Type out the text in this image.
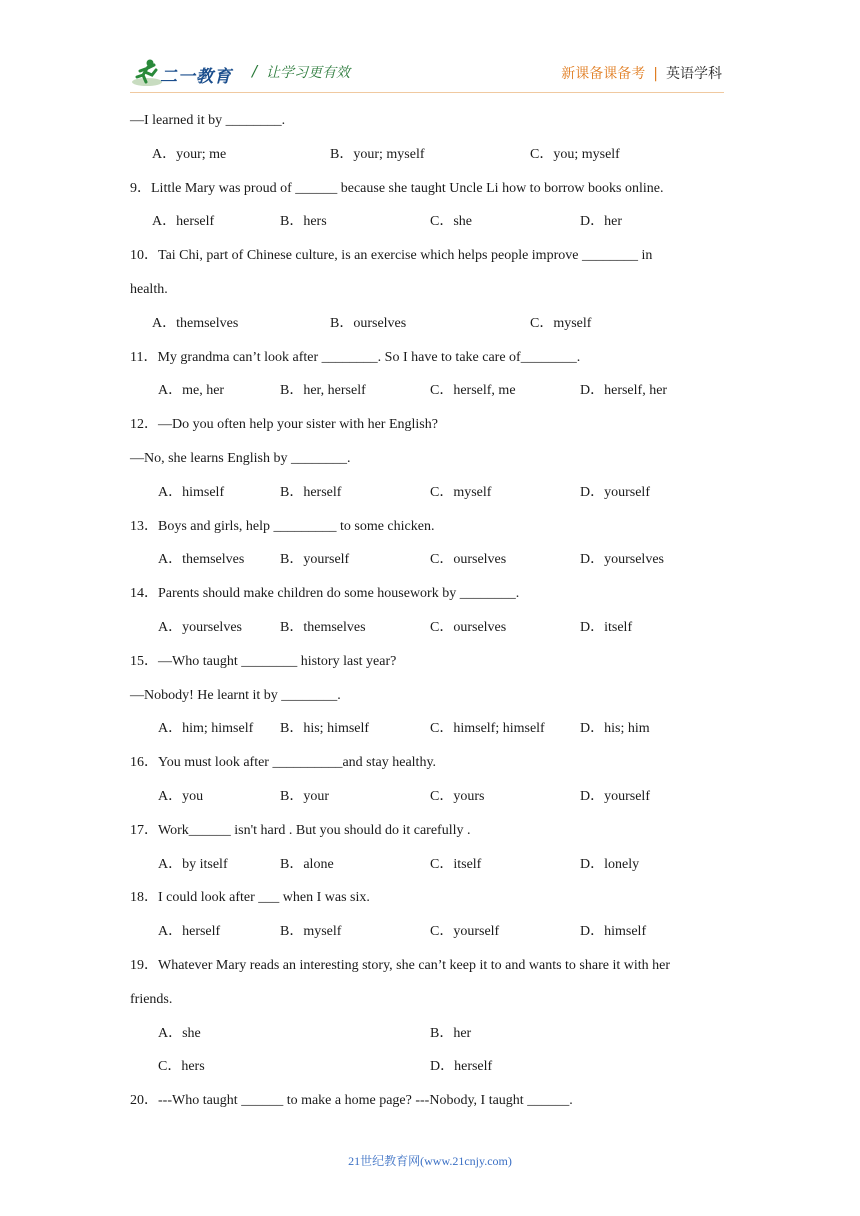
二一教育 / 让学习更有效	新课备课备考 | 英语学科
—I learned it by ________.
A．your; me	B．your; myself	C．you; myself
9．Little Mary was proud of ______ because she taught Uncle Li how to borrow books online.
A．herself	B．hers	C．she	D．her
10．Tai Chi, part of Chinese culture, is an exercise which helps people improve ________ in
health.
A．themselves	B．ourselves	C．myself
11．My grandma can’t look after ________. So I have to take care of________.
A．me, her	B．her, herself	C．herself, me	D．herself, her
12．—Do you often help your sister with her English?
—No, she learns English by ________.
A．himself	B．herself	C．myself	D．yourself
13．Boys and girls, help _________ to some chicken.
A．themselves	B．yourself	C．ourselves	D．yourselves
14．Parents should make children do some housework by ________.
A．yourselves	B．themselves	C．ourselves	D．itself
15．—Who taught ________ history last year?
—Nobody! He learnt it by ________.
A．him; himself B．his; himself	C．himself; himself	D．his; him
16．You must look after __________and stay healthy.
A．you	B．your	C．yours	D．yourself
17．Work______ isn't hard . But you should do it carefully .
A．by itself	B．alone	C．itself	D．lonely
18．I could look after ___ when I was six.
A．herself	B．myself	C．yourself	D．himself
19．Whatever Mary reads an interesting story, she can’t keep it to and wants to share it with her
friends.
A．she	B．her
C．hers	D．herself
20．---Who taught ______ to make a home page? ---Nobody, I taught ______.
21世纪教育网(www.21cnjy.com)
